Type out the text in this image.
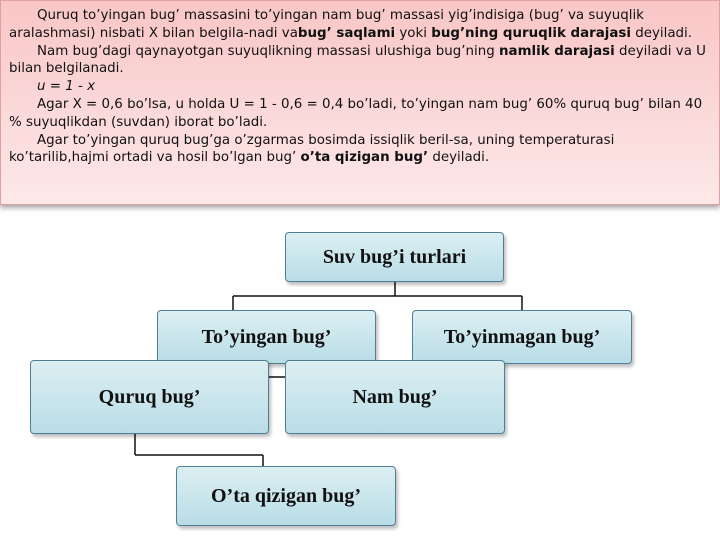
Quruq to’yingan bug’ massasini to’yingan nam bug’ massasi yig’indisiga (bug’ va suyuqlik aralashmasi) nisbati X bilan belgila-nadi vabug’ saqlami yoki bug’ning quruqlik darajasi deyiladi.

Nam bug’dagi qaynayotgan suyuqlikning massasi ulushiga bug’ning namlik darajasi deyiladi va U bilan belgilanadi.

u = 1 - x

Agar X = 0,6 bo’lsa, u holda U = 1 - 0,6 = 0,4 bo’ladi, to’yingan nam bug’ 60% quruq bug’ bilan 40 % suyuqlikdan (suvdan) iborat bo’ladi.

Agar to’yingan quruq bug’ga o’zgarmas bosimda issiqlik beril-sa, uning temperaturasi ko’tarilib,hajmi ortadi va hosil bo’lgan bug’ o’ta qizigan bug’ deyiladi.

Suv bug’i turlari
To’yingan bug’	To’yinmagan bug’
Quruq bug’	Nam bug’
O’ta qizigan bug’
